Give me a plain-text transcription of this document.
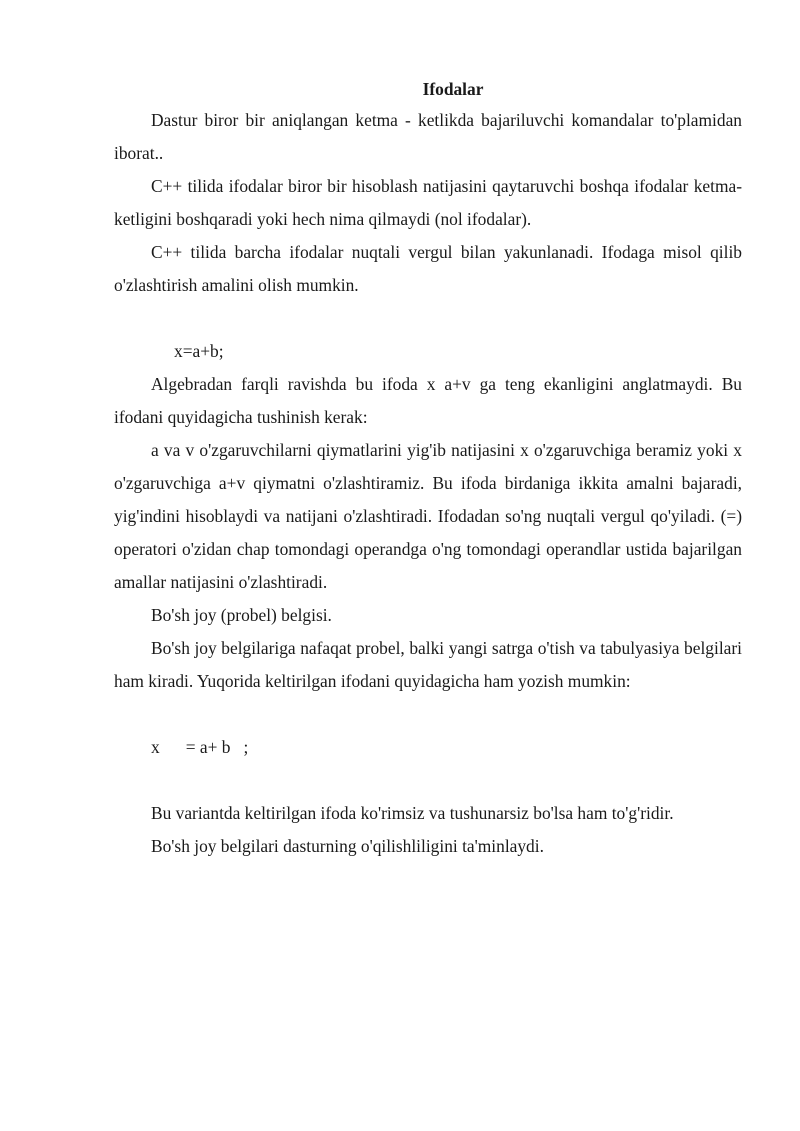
Ifodalar

Dastur biror bir aniqlangan ketma - ketlikda bajariluvchi komandalar to'plamidan iborat..

C++ tilida ifodalar biror bir hisoblash natijasini qaytaruvchi boshqa ifodalar ketma-ketligini boshqaradi yoki hech nima qilmaydi (nol ifodalar).

C++ tilida barcha ifodalar nuqtali vergul bilan yakunlanadi. Ifodaga misol qilib o'zlashtirish amalini olish mumkin.

x=a+b;

Algebradan farqli ravishda bu ifoda x a+v ga teng ekanligini anglatmaydi. Bu ifodani quyidagicha tushinish kerak:

a va v o'zgaruvchilarni qiymatlarini yig'ib natijasini x o'zgaruvchiga beramiz yoki x o'zgaruvchiga a+v qiymatni o'zlashtiramiz. Bu ifoda birdaniga ikkita amalni bajaradi, yig'indini hisoblaydi va natijani o'zlashtiradi. Ifodadan so'ng nuqtali vergul qo'yiladi. (=) operatori o'zidan chap tomondagi operandga o'ng tomondagi operandlar ustida bajarilgan amallar natijasini o'zlashtiradi.

Bo'sh joy (probel) belgisi.

Bo'sh joy belgilariga nafaqat probel, balki yangi satrga o'tish va tabulyasiya belgilari ham kiradi. Yuqorida keltirilgan ifodani quyidagicha ham yozish mumkin:

x      = a+ b   ;

Bu variantda keltirilgan ifoda ko'rimsiz va tushunarsiz bo'lsa ham to'g'ridir.

Bo'sh joy belgilari dasturning o'qilishliligini ta'minlaydi.
